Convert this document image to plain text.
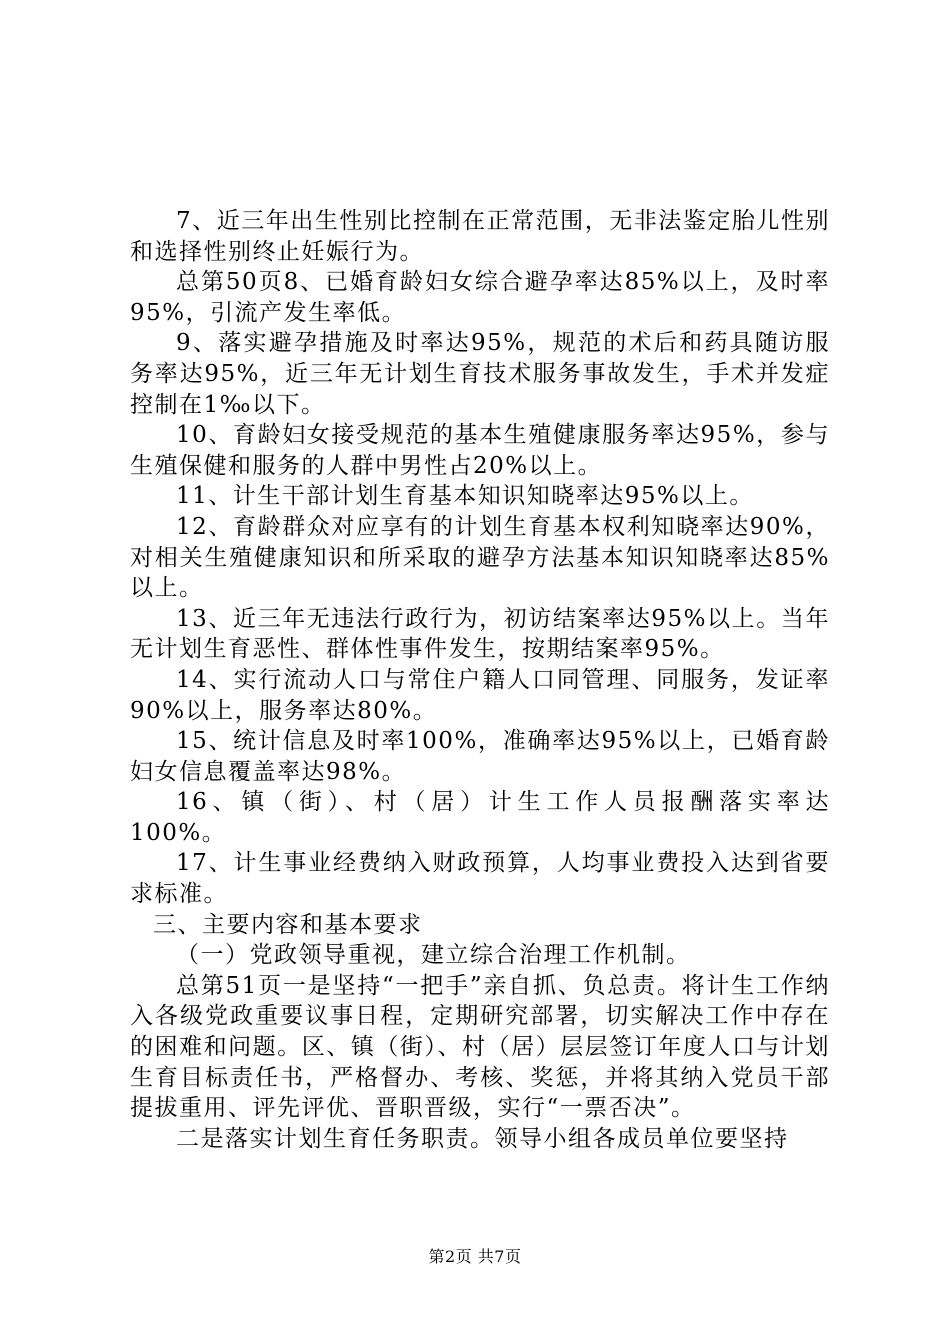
7、近三年出生性别比控制在正常范围，无非法鉴定胎儿性别和选择性别终止妊娠行为。

总第50页8、已婚育龄妇女综合避孕率达85%以上，及时率95%，引流产发生率低。

9、落实避孕措施及时率达95%，规范的术后和药具随访服务率达95%，近三年无计划生育技术服务事故发生，手术并发症控制在1‰以下。

10、育龄妇女接受规范的基本生殖健康服务率达95%，参与生殖保健和服务的人群中男性占20%以上。

11、计生干部计划生育基本知识知晓率达95%以上。

12、育龄群众对应享有的计划生育基本权利知晓率达90%，对相关生殖健康知识和所采取的避孕方法基本知识知晓率达85%以上。

13、近三年无违法行政行为，初访结案率达95%以上。当年无计划生育恶性、群体性事件发生，按期结案率95%。

14、实行流动人口与常住户籍人口同管理、同服务，发证率90%以上，服务率达80%。

15、统计信息及时率100%，准确率达95%以上，已婚育龄妇女信息覆盖率达98%。

16、镇（街）、村（居）计生工作人员报酬落实率达100%。

17、计生事业经费纳入财政预算，人均事业费投入达到省要求标准。

三、主要内容和基本要求

（一）党政领导重视，建立综合治理工作机制。

总第51页一是坚持“一把手”亲自抓、负总责。将计生工作纳入各级党政重要议事日程，定期研究部署，切实解决工作中存在的困难和问题。区、镇（街）、村（居）层层签订年度人口与计划生育目标责任书，严格督办、考核、奖惩，并将其纳入党员干部提拔重用、评先评优、晋职晋级，实行“一票否决”。

二是落实计划生育任务职责。领导小组各成员单位要坚持

第2页 共7页
